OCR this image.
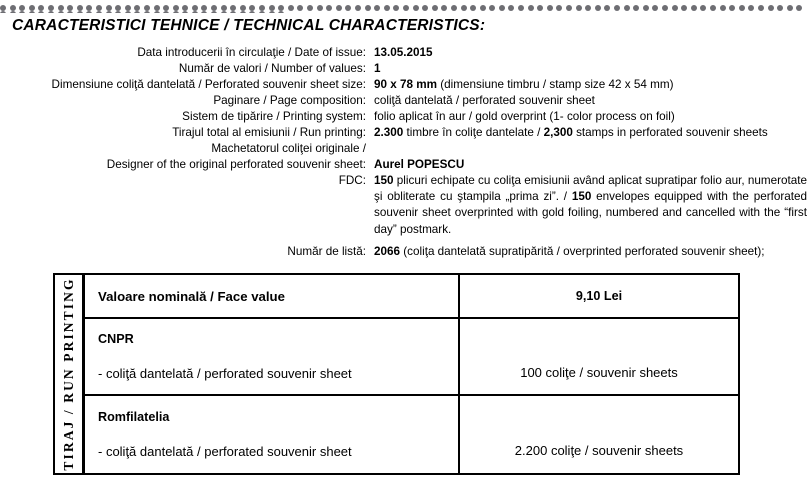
CARACTERISTICI TEHNICE / TECHNICAL CHARACTERISTICS:
Data introducerii în circulaţie / Date of issue: 13.05.2015
Număr de valori / Number of values: 1
Dimensiune coliţă dantelată / Perforated souvenir sheet size: 90 x 78 mm (dimensiune timbru / stamp size 42 x 54 mm)
Paginare / Page composition: coliţă dantelată / perforated souvenir sheet
Sistem de tipărire / Printing system: folio aplicat în aur / gold overprint (1- color process on foil)
Tirajul total al emisiunii / Run printing: 2.300 timbre în coliţe dantelate / 2,300 stamps in perforated souvenir sheets
Machetatorul coliţei originale /
Designer of the original perforated souvenir sheet: Aurel POPESCU
FDC: 150 plicuri echipate cu coliţa emisiunii având aplicat supratipar folio aur, numerotate şi obliterate cu ştampila „prima zi”. / 150 envelopes equipped with the perforated souvenir sheet overprinted with gold foiling, numbered and cancelled with the “first day” postmark.
Număr de listă: 2066 (coliţa dantelată supratipărită / overprinted perforated souvenir sheet);
TIRAJ / RUN PRINTING	Valoare nominală / Face value	9,10 Lei
CNPR
- coliţă dantelată / perforated souvenir sheet	100 coliţe / souvenir sheets
Romfilatelia
- coliţă dantelată / perforated souvenir sheet	2.200 coliţe / souvenir sheets
